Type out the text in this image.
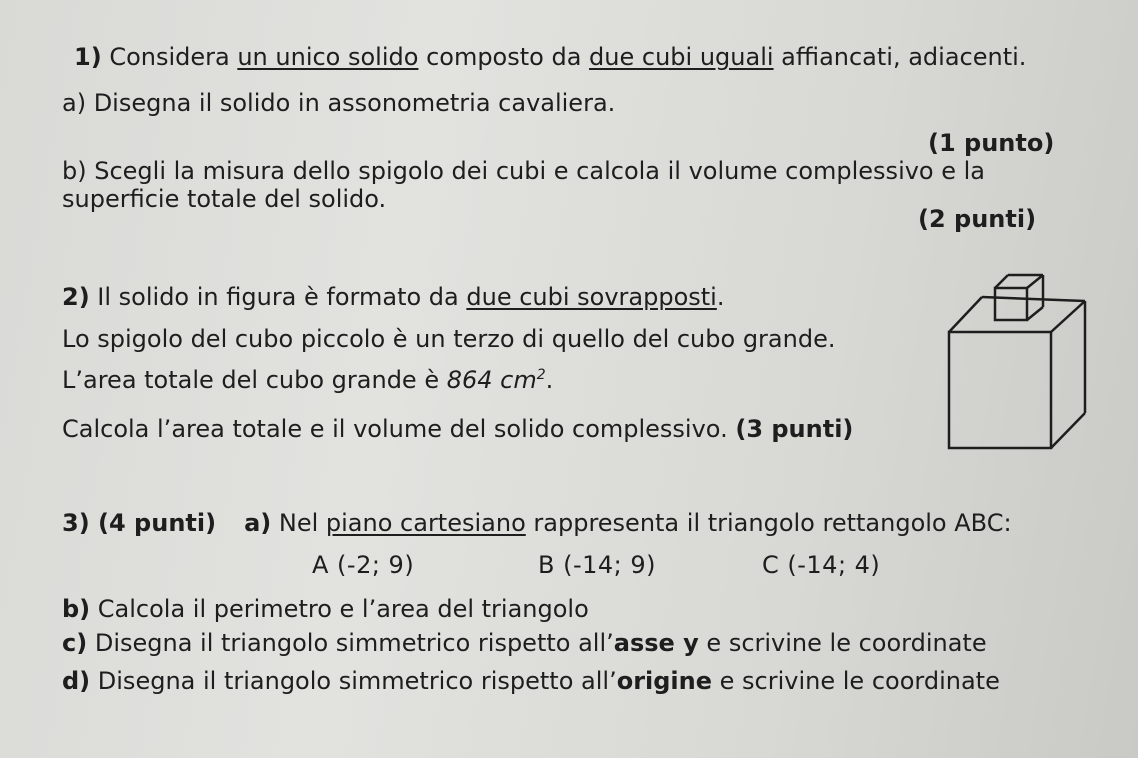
1) Considera un unico solido composto da due cubi uguali affiancati, adiacenti.
a) Disegna il solido in assonometria cavaliera.
(1 punto)
b) Scegli la misura dello spigolo dei cubi e calcola il volume complessivo e la
superficie totale del solido.
(2 punti)
2) Il solido in figura è formato da due cubi sovrapposti.
Lo spigolo del cubo piccolo è un terzo di quello del cubo grande.
L’area totale del cubo grande è 864 $cm^2$.
Calcola l’area totale e il volume del solido complessivo. (3 punti)
3) (4 punti) a) Nel piano cartesiano rappresenta il triangolo rettangolo ABC:
A (-2; 9)	B (-14; 9)	C (-14; 4)
b) Calcola il perimetro e l’area del triangolo
c) Disegna il triangolo simmetrico rispetto all’asse y e scrivine le coordinate
d) Disegna il triangolo simmetrico rispetto all’origine e scrivine le coordinate
